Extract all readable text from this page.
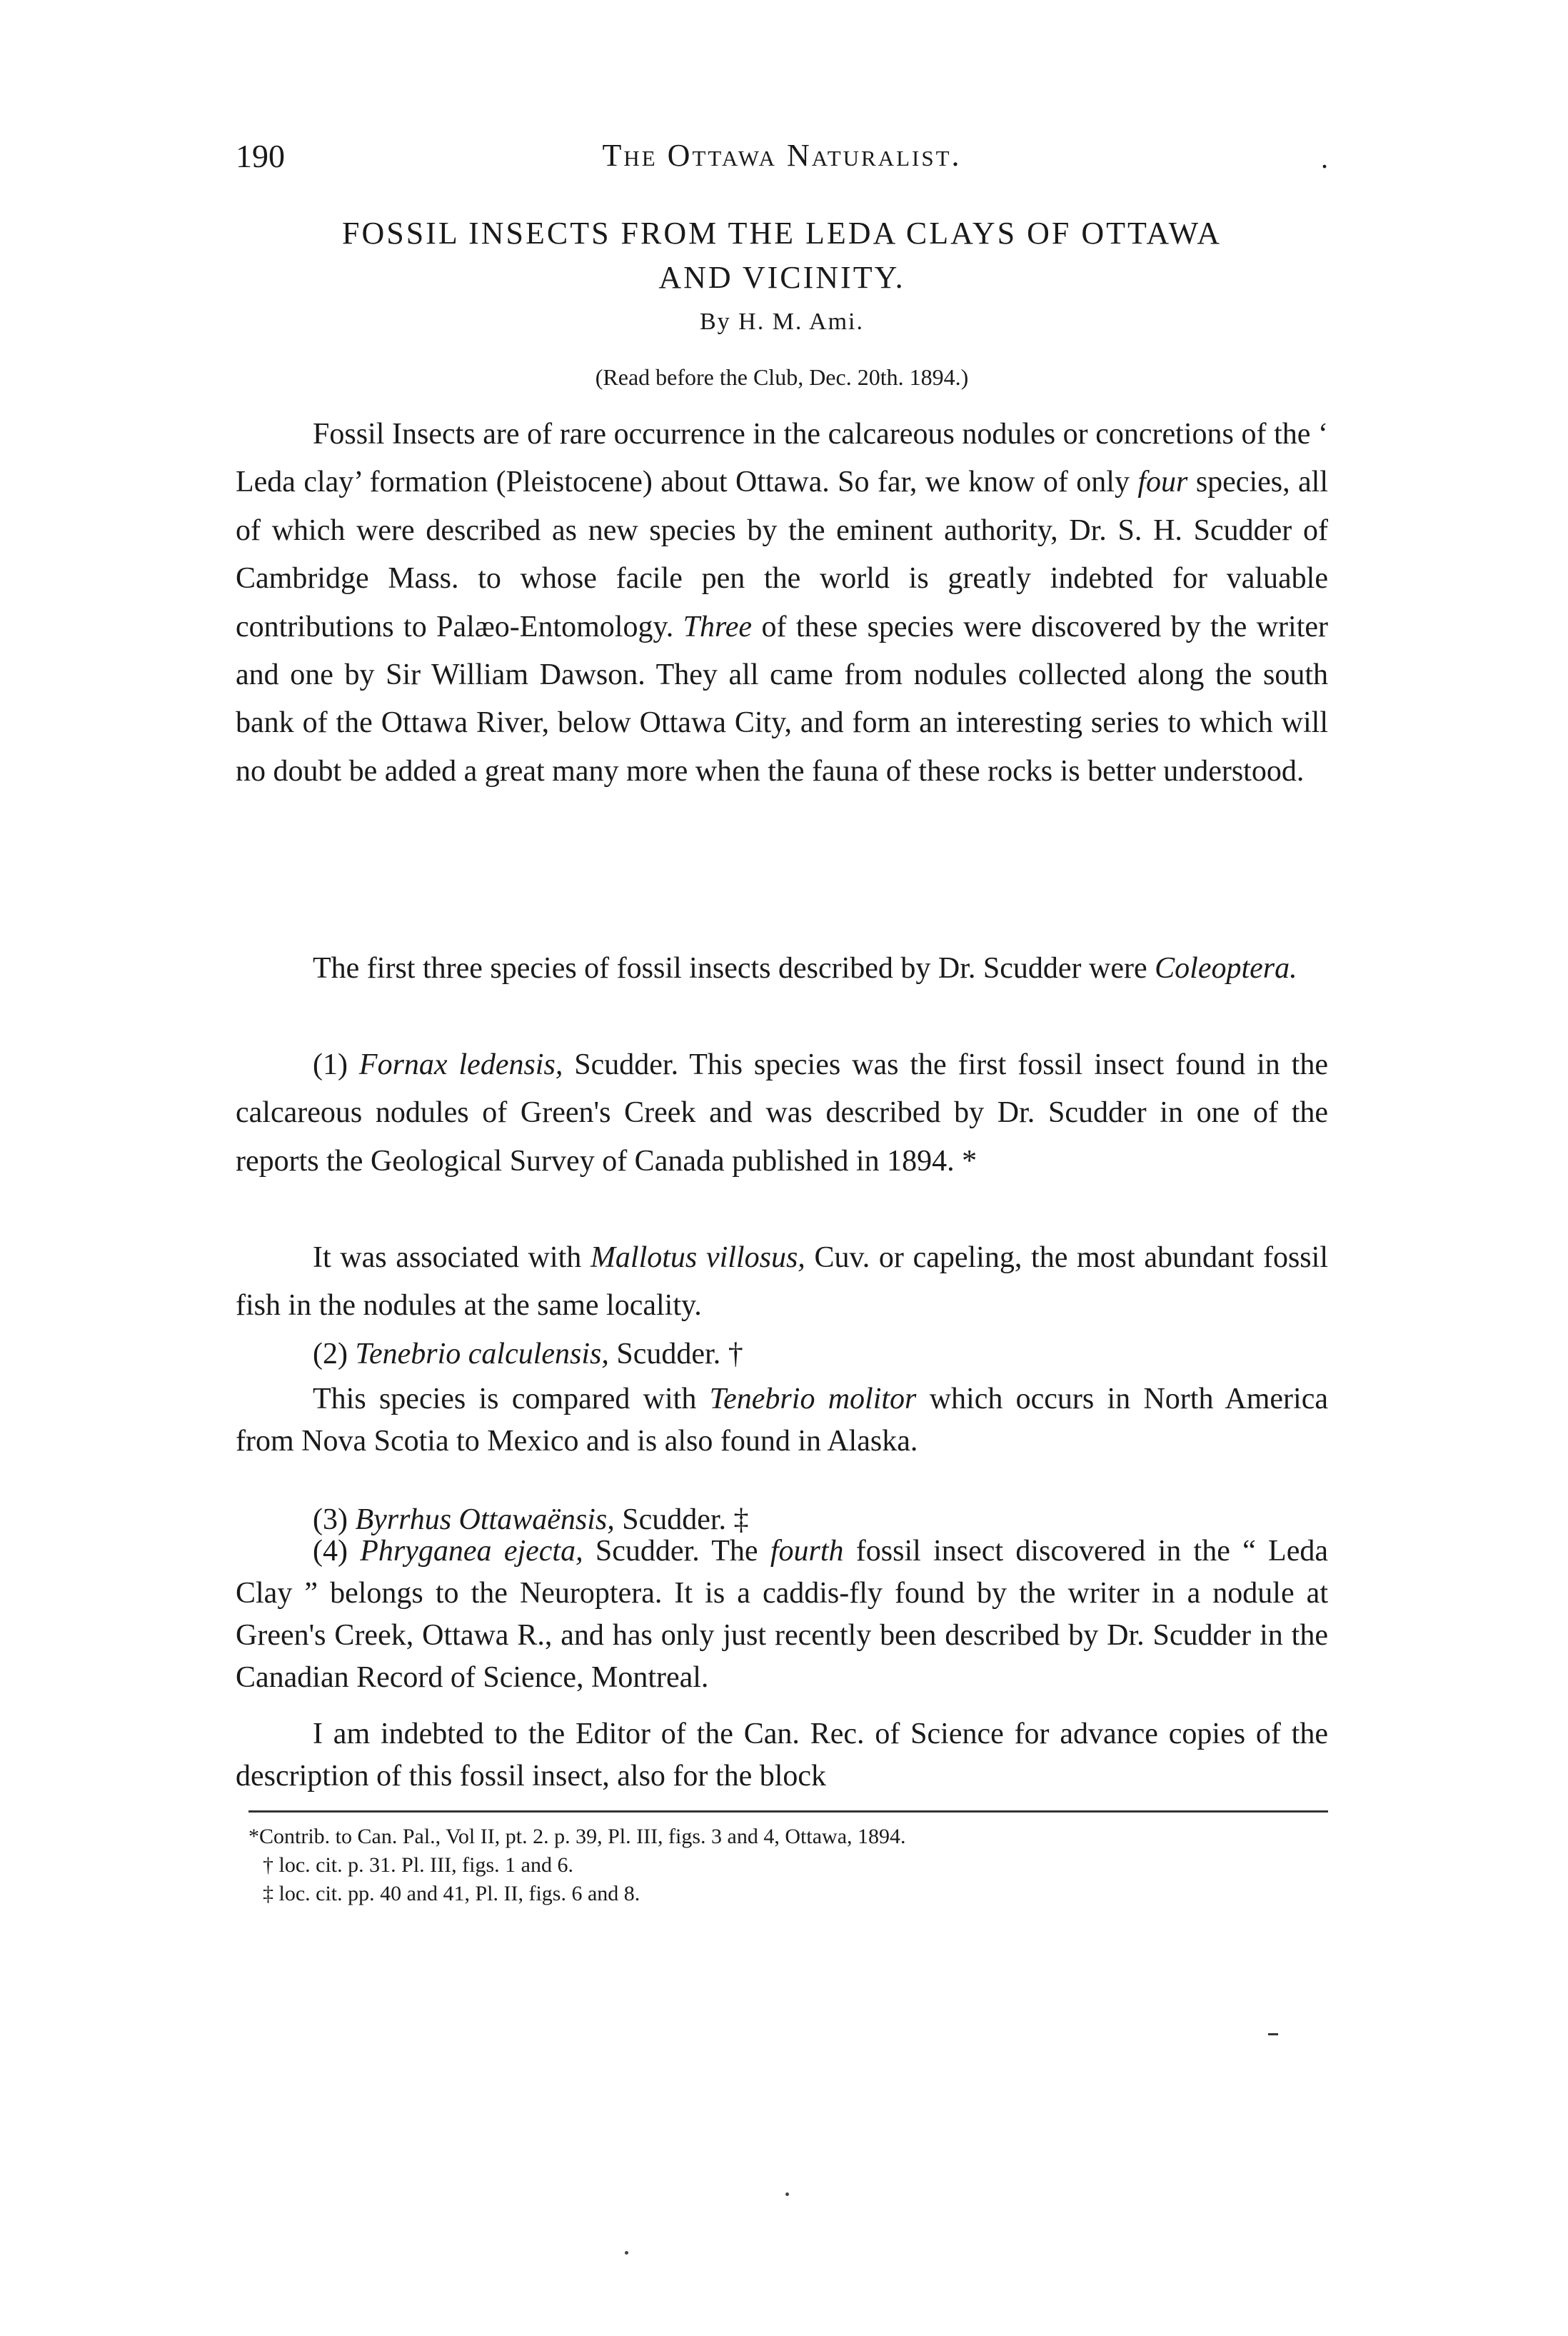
190	The Ottawa Naturalist.	.
FOSSIL INSECTS FROM THE LEDA CLAYS OF OTTAWA
AND VICINITY.
By H. M. Ami.
(Read before the Club, Dec. 20th. 1894.)

Fossil Insects are of rare occurrence in the calcareous nodules or concretions of the ‘ Leda clay’ formation (Pleistocene) about Ottawa. So far, we know of only four species, all of which were described as new species by the eminent authority, Dr. S. H. Scudder of Cambridge Mass. to whose facile pen the world is greatly indebted for valuable contributions to Palæo-Entomology. Three of these species were discovered by the writer and one by Sir William Dawson. They all came from nodules collected along the south bank of the Ottawa River, below Ottawa City, and form an interesting series to which will no doubt be added a great many more when the fauna of these rocks is better understood.

The first three species of fossil insects described by Dr. Scudder were Coleoptera.

(1) Fornax ledensis, Scudder. This species was the first fossil insect found in the calcareous nodules of Green's Creek and was described by Dr. Scudder in one of the reports the Geological Survey of Canada published in 1894. *

It was associated with Mallotus villosus, Cuv. or capeling, the most abundant fossil fish in the nodules at the same locality.

(2) Tenebrio calculensis, Scudder. †

This species is compared with Tenebrio molitor which occurs in North America from Nova Scotia to Mexico and is also found in Alaska.

(3) Byrrhus Ottawaënsis, Scudder. ‡

(4) Phryganea ejecta, Scudder. The fourth fossil insect discovered in the “ Leda Clay ” belongs to the Neuroptera. It is a caddis-fly found by the writer in a nodule at Green's Creek, Ottawa R., and has only just recently been described by Dr. Scudder in the Canadian Record of Science, Montreal.

I am indebted to the Editor of the Can. Rec. of Science for advance copies of the description of this fossil insect, also for the block

*Contrib. to Can. Pal., Vol II, pt. 2. p. 39, Pl. III, figs. 3 and 4, Ottawa, 1894.
† loc. cit. p. 31. Pl. III, figs. 1 and 6.
‡ loc. cit. pp. 40 and 41, Pl. II, figs. 6 and 8.
